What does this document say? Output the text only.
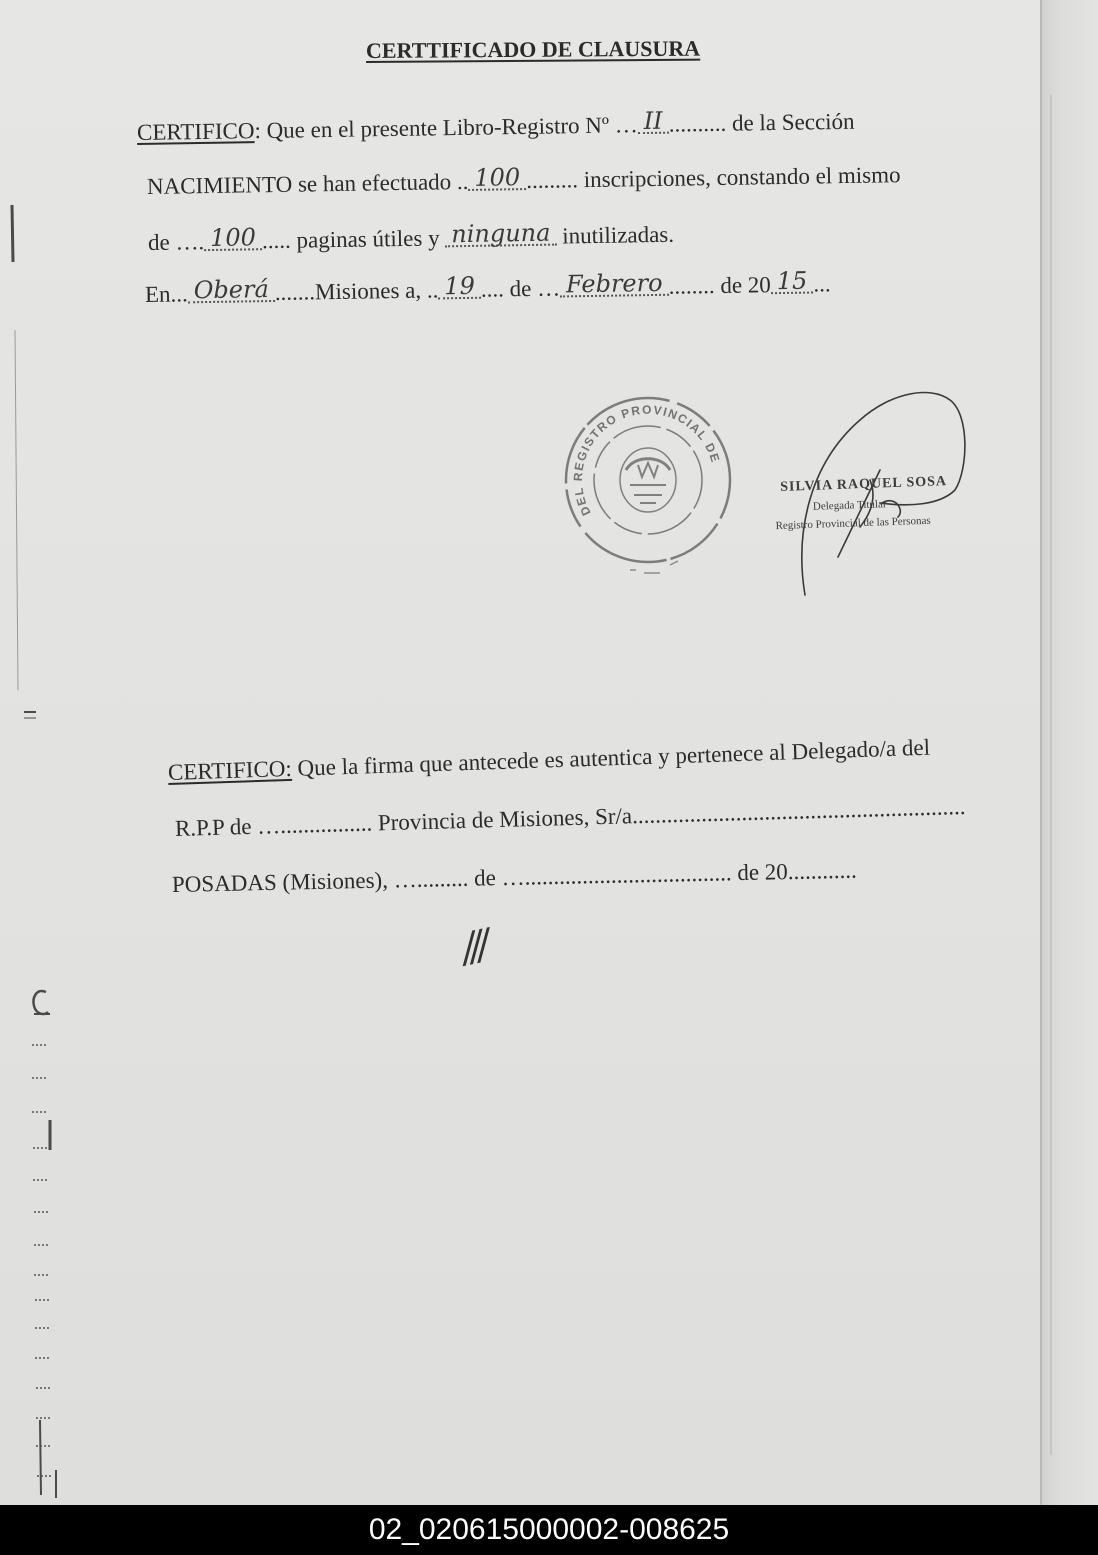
CERTTIFICADO DE CLAUSURA
CERTIFICO: Que en el presente Libro-Registro Nº … II .......... de la Sección
NACIMIENTO se han efectuado .. 100 ......... inscripciones, constando el mismo
de …. 100 ..... paginas útiles y ninguna inutilizadas.
En... Oberá .......Misiones a, .. 19 .... de … Febrero ........ de 20 15 ...
DEL REGISTRO PROVINCIAL DE
SILVIA RAQUEL SOSA
Delegada Titular
Registro Provincial de las Personas
CERTIFICO: Que la firma que antecede es autentica y pertenece al Delegado/a del
R.P.P de …................ Provincia de Misiones, Sr/a..........................................................
POSADAS (Misiones), …......... de ….................................... de 20............
///
02_020615000002-008625
